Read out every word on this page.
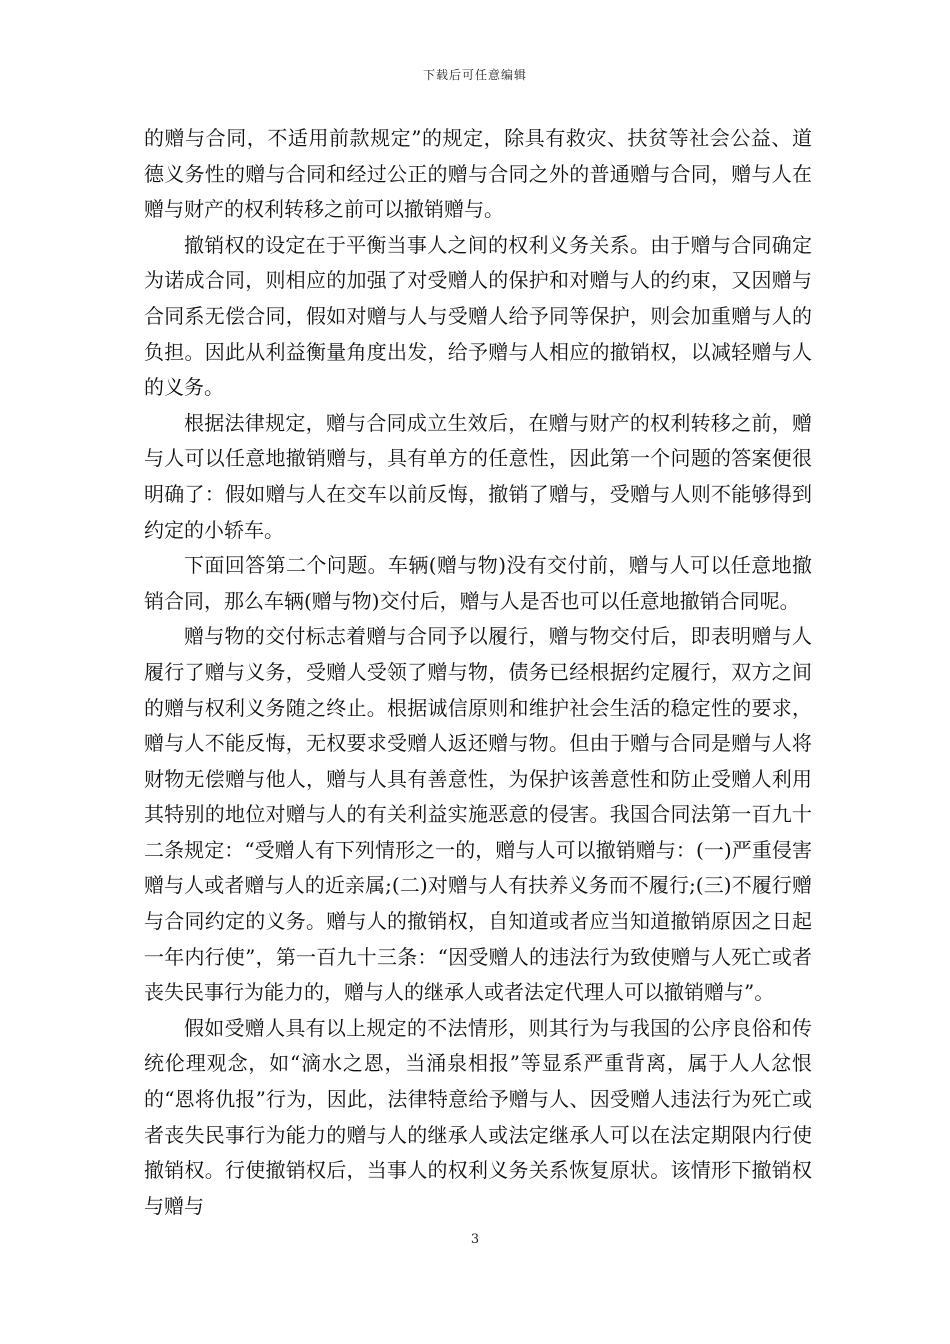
下载后可任意编辑

的赠与合同，不适用前款规定”的规定，除具有救灾、扶贫等社会公益、道德义务性的赠与合同和经过公正的赠与合同之外的普通赠与合同，赠与人在赠与财产的权利转移之前可以撤销赠与。

撤销权的设定在于平衡当事人之间的权利义务关系。由于赠与合同确定为诺成合同，则相应的加强了对受赠人的保护和对赠与人的约束，又因赠与合同系无偿合同，假如对赠与人与受赠人给予同等保护，则会加重赠与人的负担。因此从利益衡量角度出发，给予赠与人相应的撤销权，以减轻赠与人的义务。

根据法律规定，赠与合同成立生效后，在赠与财产的权利转移之前，赠与人可以任意地撤销赠与，具有单方的任意性，因此第一个问题的答案便很明确了：假如赠与人在交车以前反悔，撤销了赠与，受赠与人则不能够得到约定的小轿车。

下面回答第二个问题。车辆(赠与物)没有交付前，赠与人可以任意地撤销合同，那么车辆(赠与物)交付后，赠与人是否也可以任意地撤销合同呢。

赠与物的交付标志着赠与合同予以履行，赠与物交付后，即表明赠与人履行了赠与义务，受赠人受领了赠与物，债务已经根据约定履行，双方之间的赠与权利义务随之终止。根据诚信原则和维护社会生活的稳定性的要求，赠与人不能反悔，无权要求受赠人返还赠与物。但由于赠与合同是赠与人将财物无偿赠与他人，赠与人具有善意性，为保护该善意性和防止受赠人利用其特别的地位对赠与人的有关利益实施恶意的侵害。我国合同法第一百九十二条规定：“受赠人有下列情形之一的，赠与人可以撤销赠与：(一)严重侵害赠与人或者赠与人的近亲属;(二)对赠与人有扶养义务而不履行;(三)不履行赠与合同约定的义务。赠与人的撤销权，自知道或者应当知道撤销原因之日起一年内行使”，第一百九十三条：“因受赠人的违法行为致使赠与人死亡或者丧失民事行为能力的，赠与人的继承人或者法定代理人可以撤销赠与”。

假如受赠人具有以上规定的不法情形，则其行为与我国的公序良俗和传统伦理观念，如“滴水之恩，当涌泉相报”等显系严重背离，属于人人忿恨的“恩将仇报”行为，因此，法律特意给予赠与人、因受赠人违法行为死亡或者丧失民事行为能力的赠与人的继承人或法定继承人可以在法定期限内行使撤销权。行使撤销权后，当事人的权利义务关系恢复原状。该情形下撤销权与赠与

3
